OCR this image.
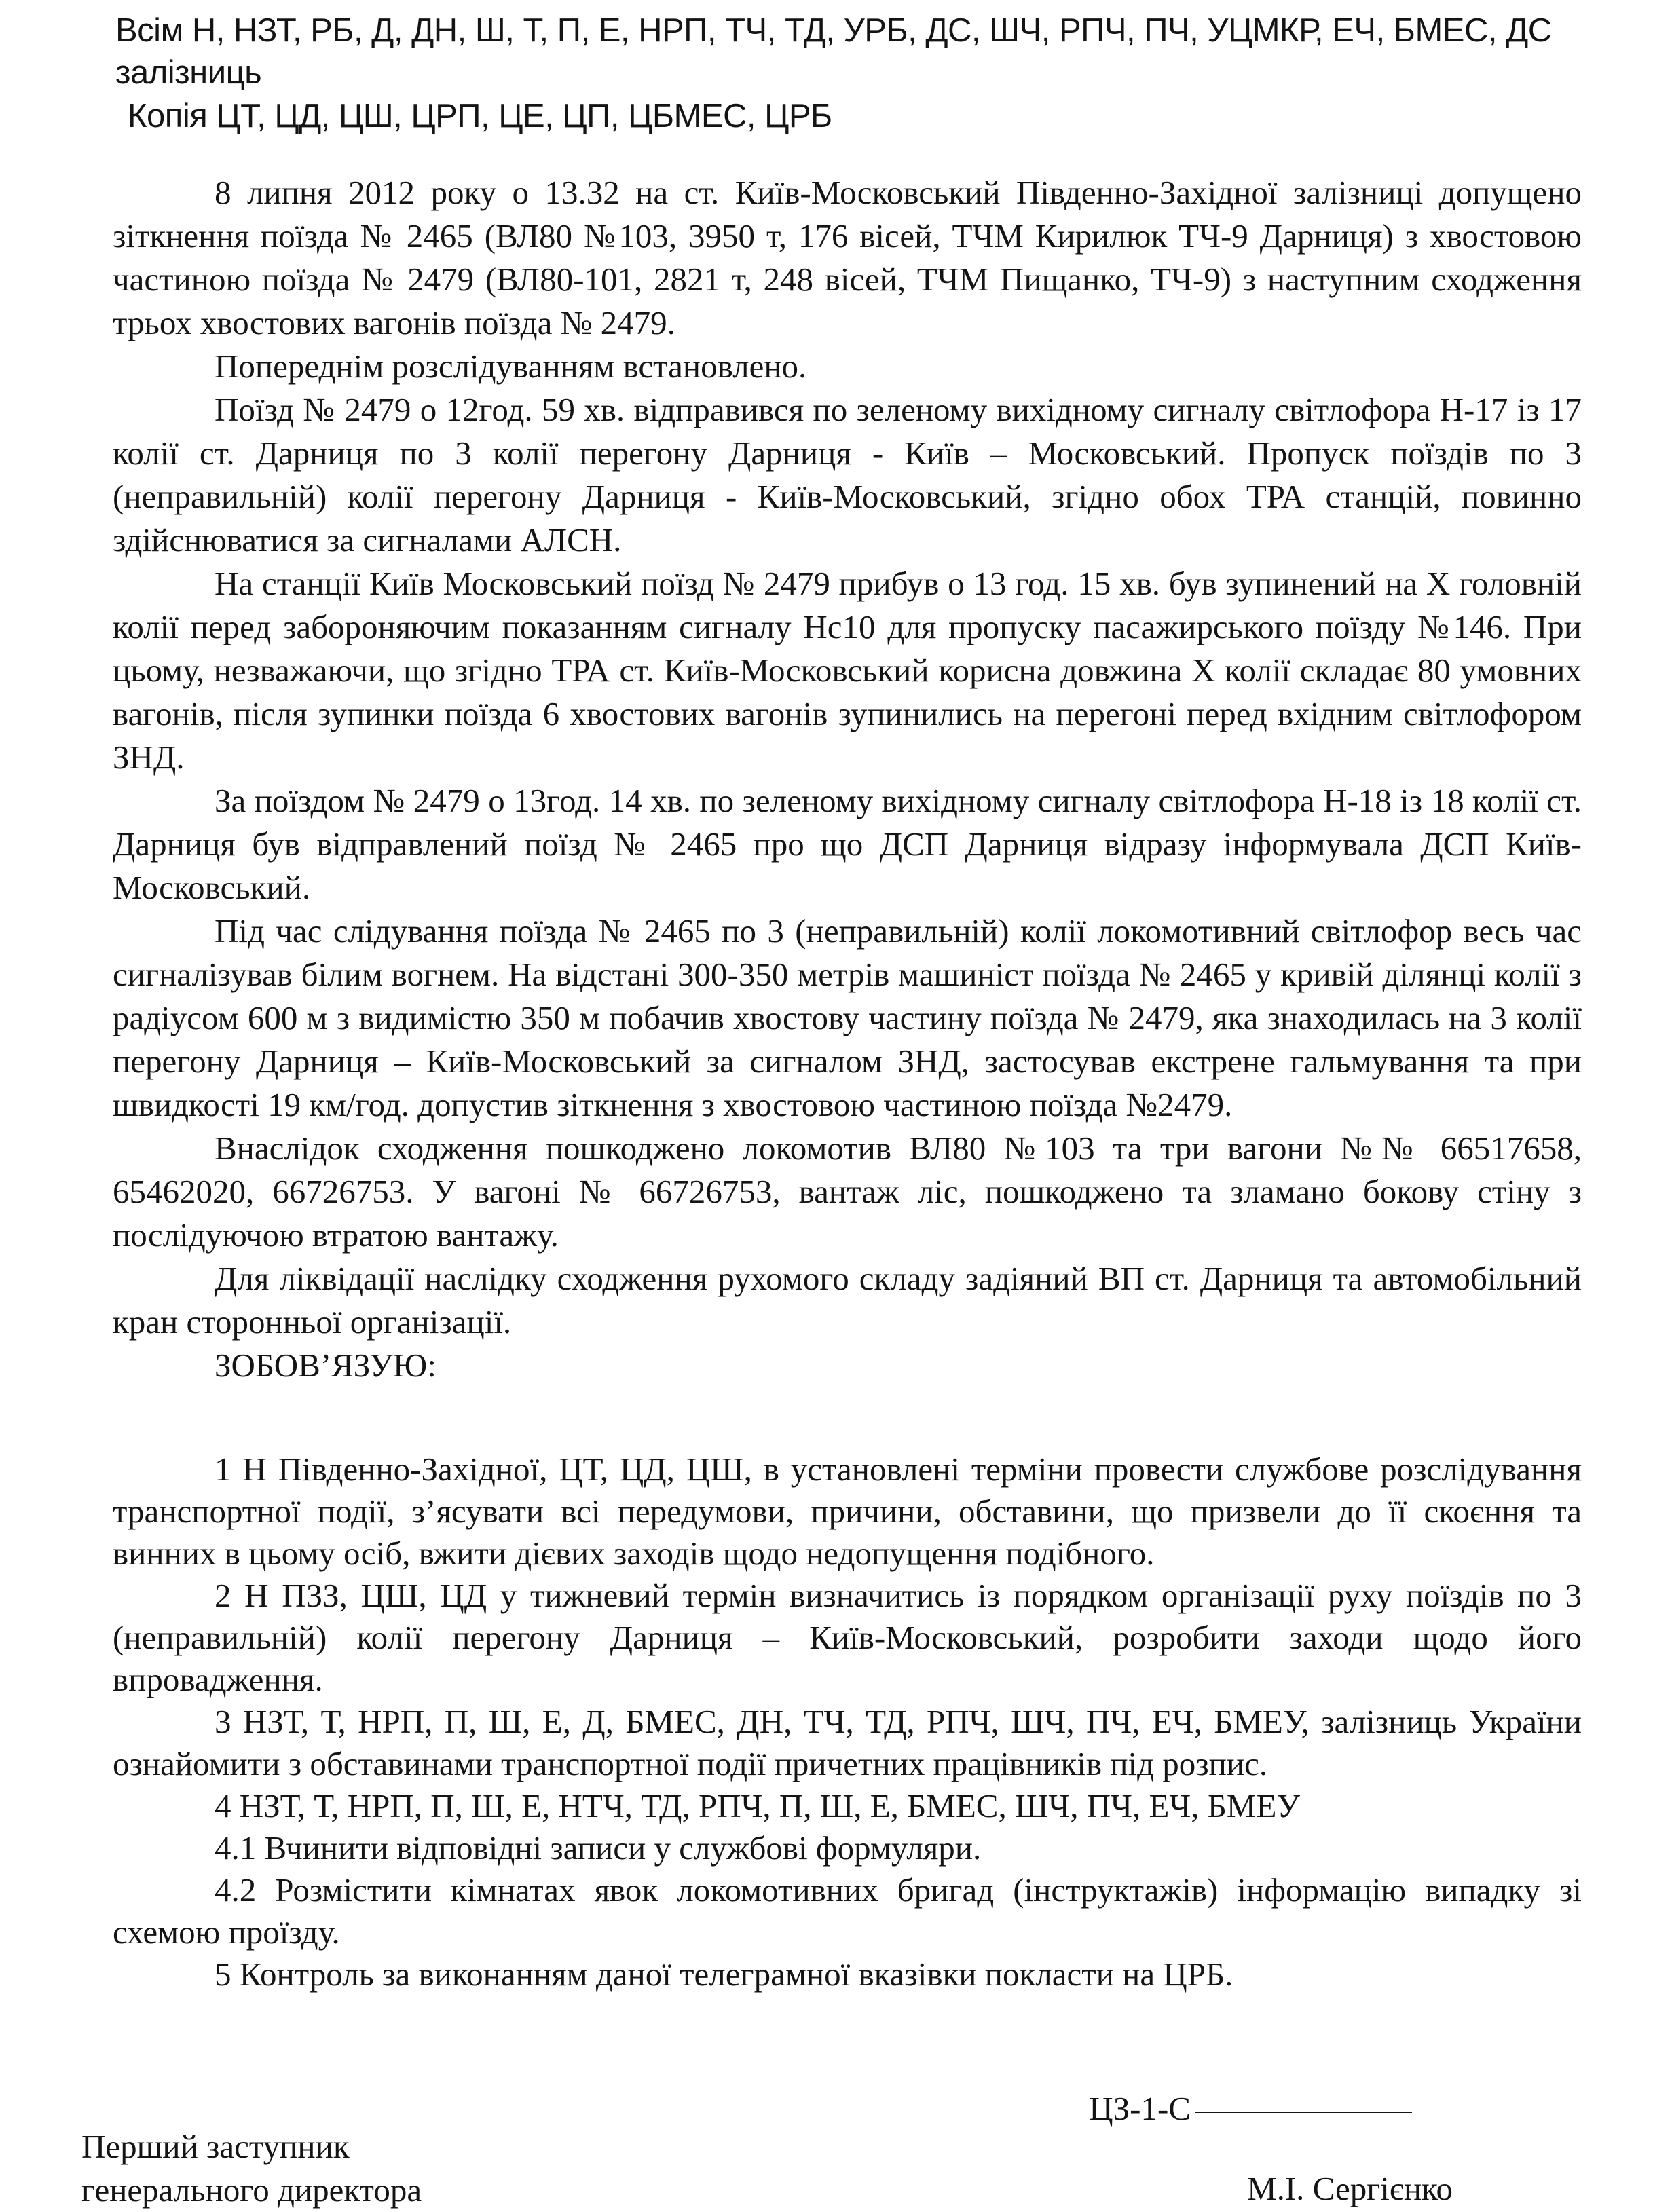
Всім Н, НЗТ, РБ, Д, ДН, Ш, Т, П, Е, НРП, ТЧ, ТД, УРБ, ДС, ШЧ, РПЧ, ПЧ, УЦМКР, ЕЧ, БМЕС, ДС залізниць
Копія ЦТ, ЦД, ЦШ, ЦРП, ЦЕ, ЦП, ЦБМЕС, ЦРБ

8 липня 2012 року о 13.32 на ст. Київ-Московський Південно-Західної залізниці допущено зіткнення поїзда № 2465 (ВЛ80 №103, 3950 т, 176 вісей, ТЧМ Кирилюк ТЧ-9 Дарниця) з хвостовою частиною поїзда № 2479 (ВЛ80-101, 2821 т, 248 вісей, ТЧМ Пищанко, ТЧ-9) з наступним сходження трьох хвостових вагонів поїзда № 2479.

Попереднім розслідуванням встановлено.

Поїзд № 2479 о 12год. 59 хв. відправився по зеленому вихідному сигналу світлофора Н-17 із 17 колії ст. Дарниця по 3 колії перегону Дарниця - Київ – Московський. Пропуск поїздів по 3 (неправильній) колії перегону Дарниця - Київ-Московський, згідно обох ТРА станцій, повинно здійснюватися за сигналами АЛСН.

На станції Київ Московський поїзд № 2479 прибув о 13 год. 15 хв. був зупинений на Х головній колії перед забороняючим показанням сигналу Нс10 для пропуску пасажирського поїзду №146. При цьому, незважаючи, що згідно ТРА ст. Київ-Московський корисна довжина Х колії складає 80 умовних вагонів, після зупинки поїзда 6 хвостових вагонів зупинились на перегоні перед вхідним світлофором ЗНД.

За поїздом № 2479 о 13год. 14 хв. по зеленому вихідному сигналу світлофора Н-18 із 18 колії ст. Дарниця був відправлений поїзд № 2465 про що ДСП Дарниця відразу інформувала ДСП Київ-Московський.

Під час слідування поїзда № 2465 по 3 (неправильній) колії локомотивний світлофор весь час сигналізував білим вогнем. На відстані 300-350 метрів машиніст поїзда № 2465 у кривій ділянці колії з радіусом 600 м з видимістю 350 м побачив хвостову частину поїзда № 2479, яка знаходилась на 3 колії перегону Дарниця – Київ-Московський за сигналом ЗНД, застосував екстрене гальмування та при швидкості 19 км/год. допустив зіткнення з хвостовою частиною поїзда №2479.

Внаслідок сходження пошкоджено локомотив ВЛ80 №103 та три вагони №№ 66517658, 65462020, 66726753. У вагоні № 66726753, вантаж ліс, пошкоджено та зламано бокову стіну з послідуючою втратою вантажу.

Для ліквідації наслідку сходження рухомого складу задіяний ВП ст. Дарниця та автомобільний кран сторонньої організації.

ЗОБОВ’ЯЗУЮ:

1 Н Південно-Західної, ЦТ, ЦД, ЦШ, в установлені терміни провести службове розслідування транспортної події, з’ясувати всі передумови, причини, обставини, що призвели до її скоєння та винних в цьому осіб, вжити дієвих заходів щодо недопущення подібного.

2 Н ПЗЗ, ЦШ, ЦД у тижневий термін визначитись із порядком організації руху поїздів по 3 (неправильній) колії перегону Дарниця – Київ-Московський, розробити заходи щодо його впровадження.

3 НЗТ, Т, НРП, П, Ш, Е, Д, БМЕС, ДН, ТЧ, ТД, РПЧ, ШЧ, ПЧ, ЕЧ, БМЕУ, залізниць України ознайомити з обставинами транспортної події причетних працівників під розпис.

4 НЗТ, Т, НРП, П, Ш, Е, НТЧ, ТД, РПЧ, П, Ш, Е, БМЕС, ШЧ, ПЧ, ЕЧ, БМЕУ

4.1 Вчинити відповідні записи у службові формуляри.

4.2 Розмістити кімнатах явок локомотивних бригад (інструктажів) інформацію випадку зі схемою проїзду.

5 Контроль за виконанням даної телеграмної вказівки покласти на ЦРБ.

ЦЗ-1-С
Перший заступник
генерального директора	М.І. Сергієнко
